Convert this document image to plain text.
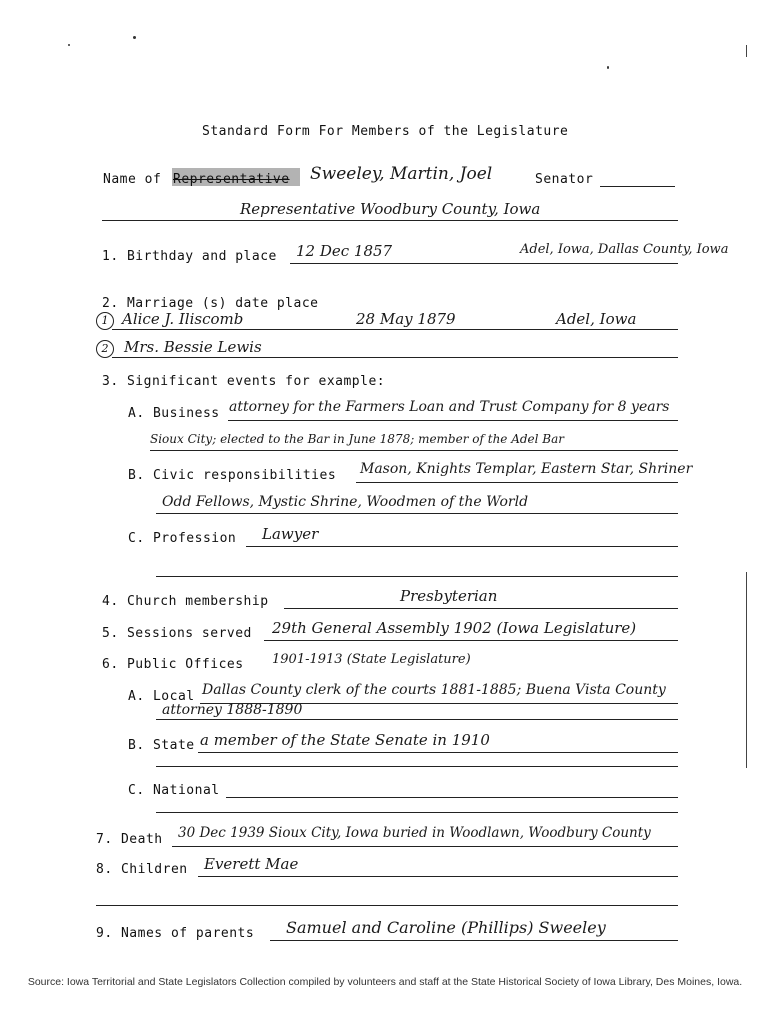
Standard Form For Members of the Legislature
Name of Representative Sweeley, Martin, Joel	Senator
Representative Woodbury County, Iowa
1. Birthday and place 12 Dec 1857	Adel, Iowa, Dallas County, Iowa
2. Marriage (s) date place
1 Alice J. Iliscomb	28 May 1879	Adel, Iowa
2	Mrs. Bessie Lewis
3. Significant events for example:
A. Business attorney for the Farmers Loan and Trust Company for 8 years
Sioux City; elected to the Bar in June 1878; member of the Adel Bar
B. Civic responsibilities Mason, Knights Templar, Eastern Star, Shriner
Odd Fellows, Mystic Shrine, Woodmen of the World
C. Profession Lawyer
4. Church membership	Presbyterian
5. Sessions served 29th General Assembly 1902 (Iowa Legislature)
6. Public Offices 1901-1913 (State Legislature)
A. Local Dallas County clerk of the courts 1881-1885; Buena Vista County
attorney 1888-1890
B. State a member of the State Senate in 1910
C. National
7. Death 30 Dec 1939 Sioux City, Iowa buried in Woodlawn, Woodbury County
8. Children Everett Mae
9. Names of parents Samuel and Caroline (Phillips) Sweeley
Source: Iowa Territorial and State Legislators Collection compiled by volunteers and staff at the State Historical Society of Iowa Library, Des Moines, Iowa.
